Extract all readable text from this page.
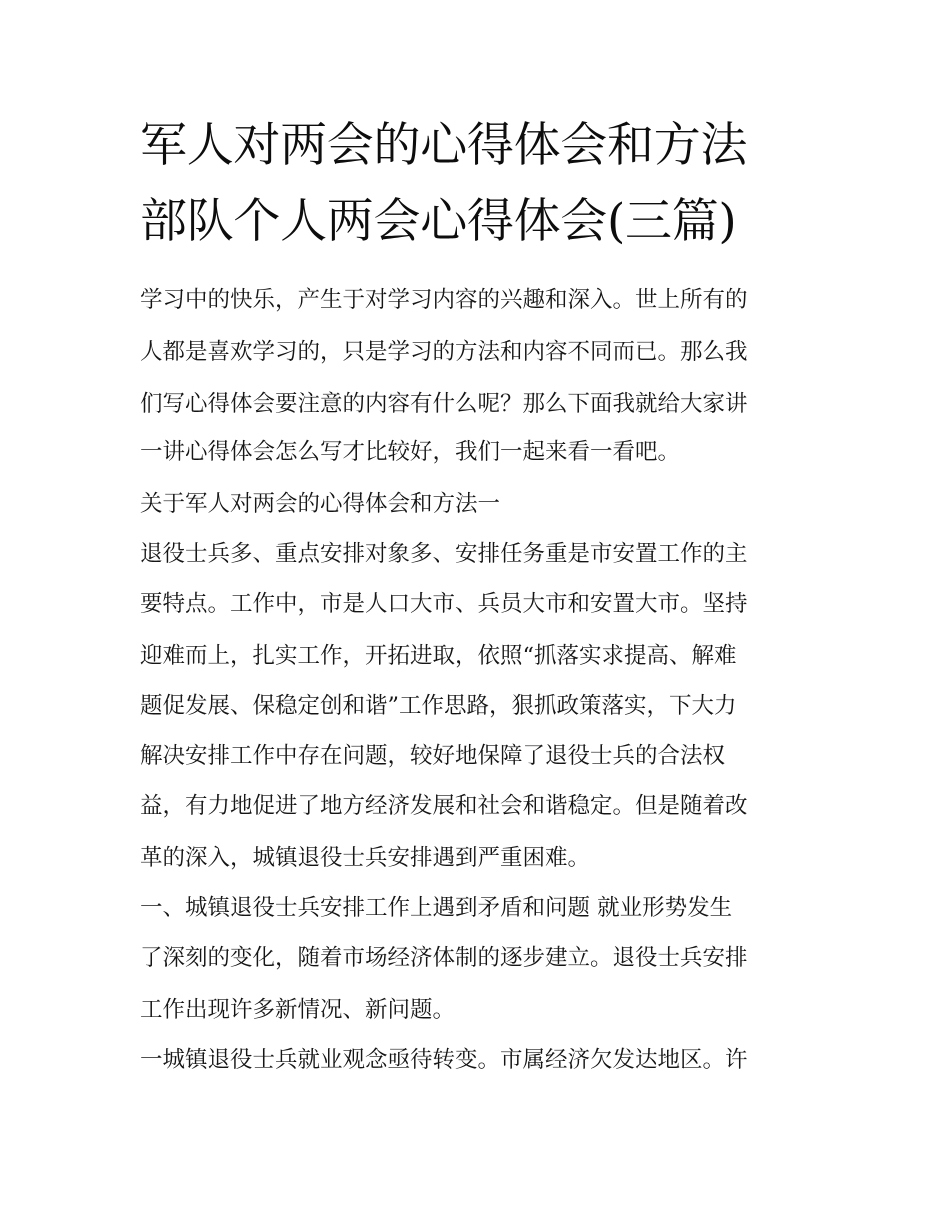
军人对两会的心得体会和方法
部队个人两会心得体会(三篇)
学习中的快乐，产生于对学习内容的兴趣和深入。世上所有的
人都是喜欢学习的，只是学习的方法和内容不同而已。那么我
们写心得体会要注意的内容有什么呢？那么下面我就给大家讲
一讲心得体会怎么写才比较好，我们一起来看一看吧。
关于军人对两会的心得体会和方法一
退役士兵多、重点安排对象多、安排任务重是市安置工作的主
要特点。工作中，市是人口大市、兵员大市和安置大市。坚持
迎难而上，扎实工作，开拓进取，依照“抓落实求提高、解难
题促发展、保稳定创和谐”工作思路，狠抓政策落实，下大力
解决安排工作中存在问题，较好地保障了退役士兵的合法权
益，有力地促进了地方经济发展和社会和谐稳定。但是随着改
革的深入，城镇退役士兵安排遇到严重困难。
一、城镇退役士兵安排工作上遇到矛盾和问题 就业形势发生
了深刻的变化，随着市场经济体制的逐步建立。退役士兵安排
工作出现许多新情况、新问题。
一城镇退役士兵就业观念亟待转变。市属经济欠发达地区。许
